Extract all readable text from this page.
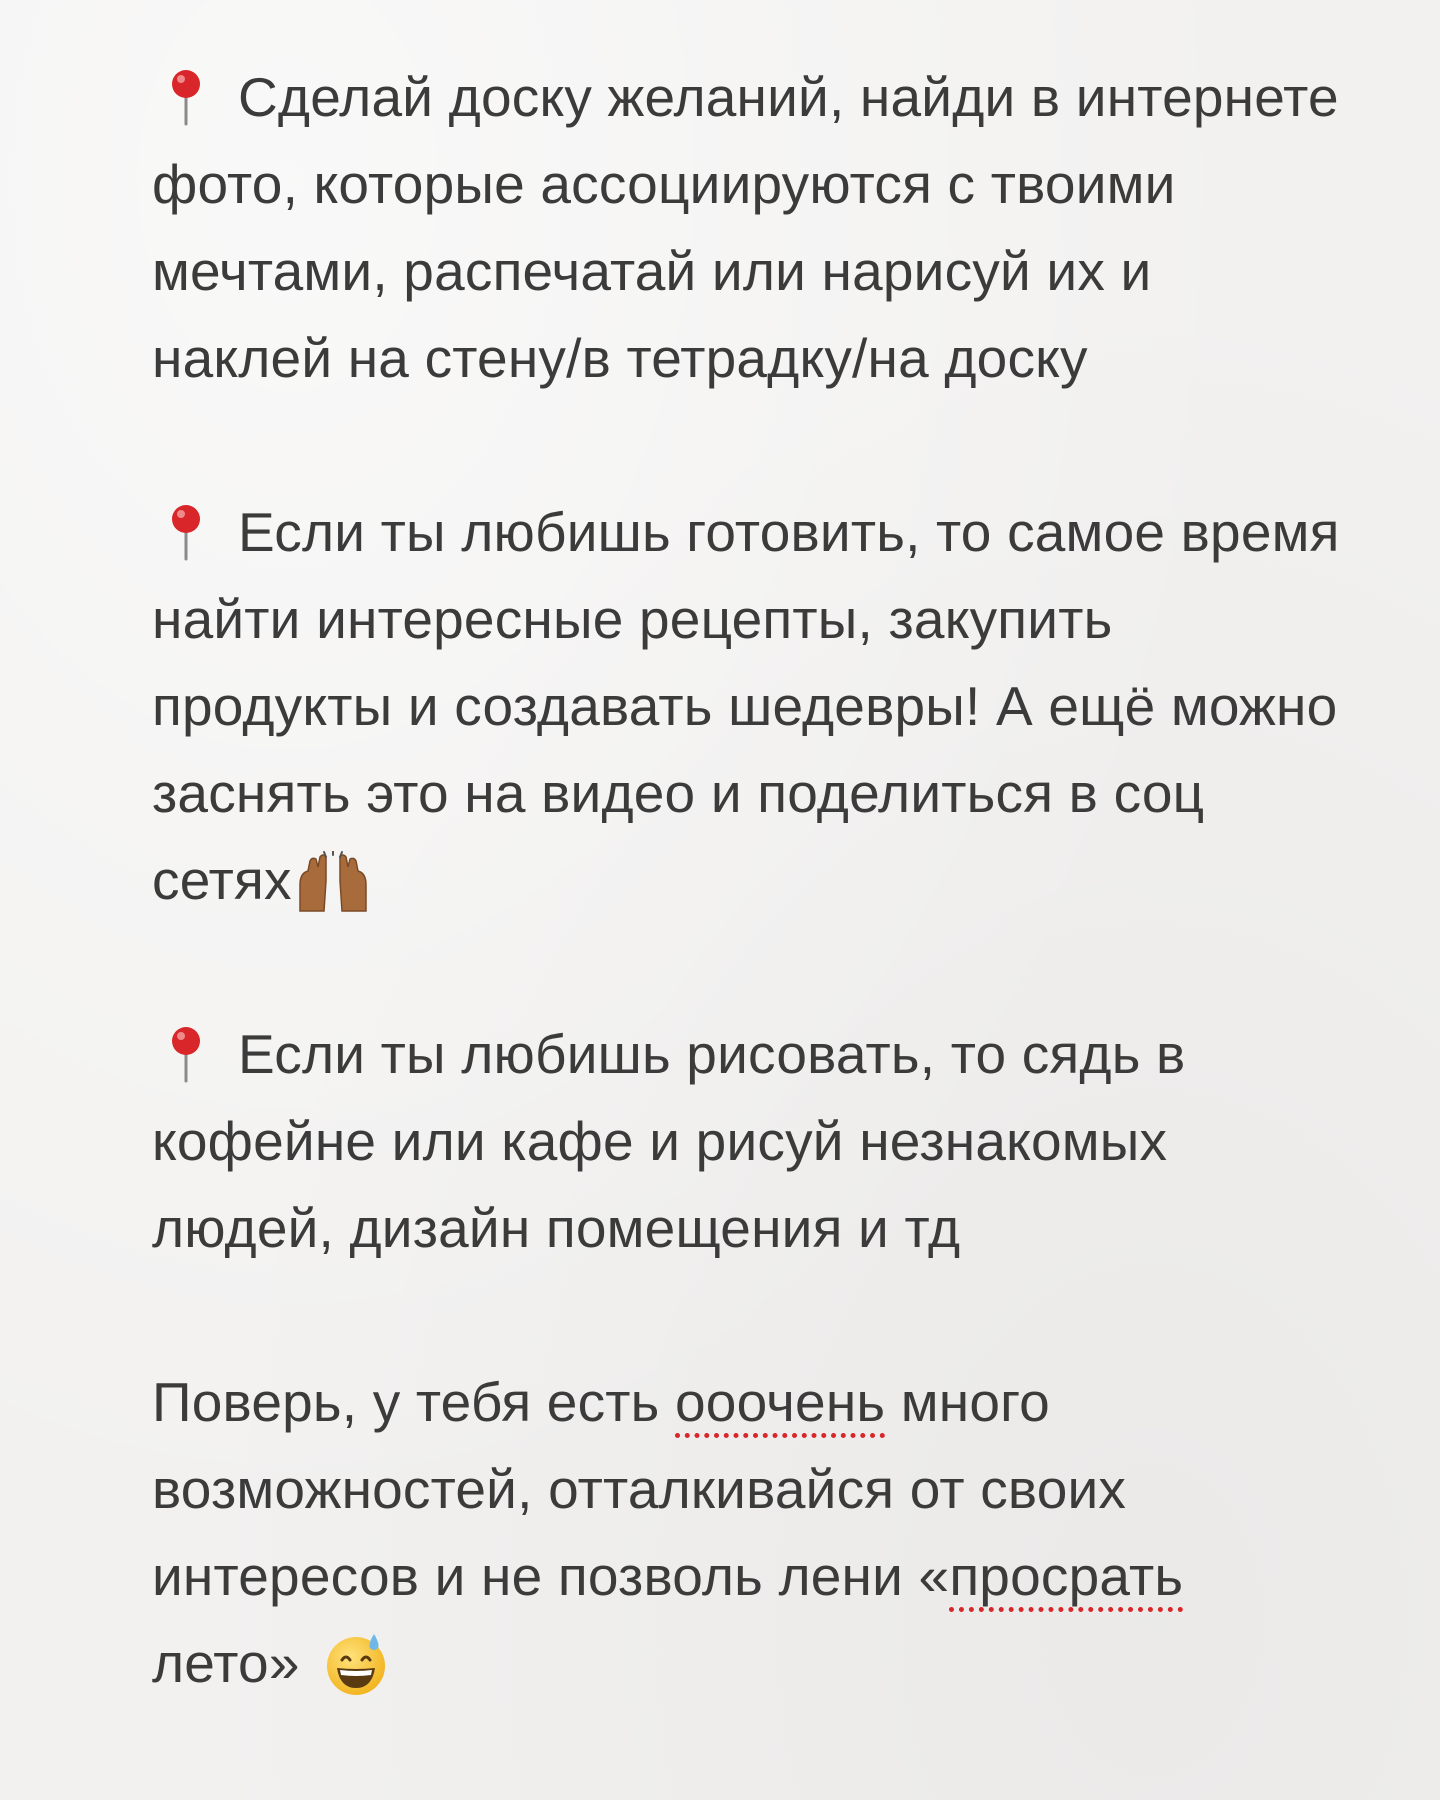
Сделай доску желаний, найди в интернете фото, которые ассоциируются с твоими мечтами, распечатай или нарисуй их и наклей на стену/в тетрадку/на доску

Если ты любишь готовить, то самое время найти интересные рецепты, закупить продукты и создавать шедевры! А ещё можно заснять это на видео и поделиться в соц сетях

Если ты любишь рисовать, то сядь в кофейне или кафе и рисуй незнакомых людей, дизайн помещения и тд

Поверь, у тебя есть ооочень много возможностей, отталкивайся от своих интересов и не позволь лени «просрать лето»
